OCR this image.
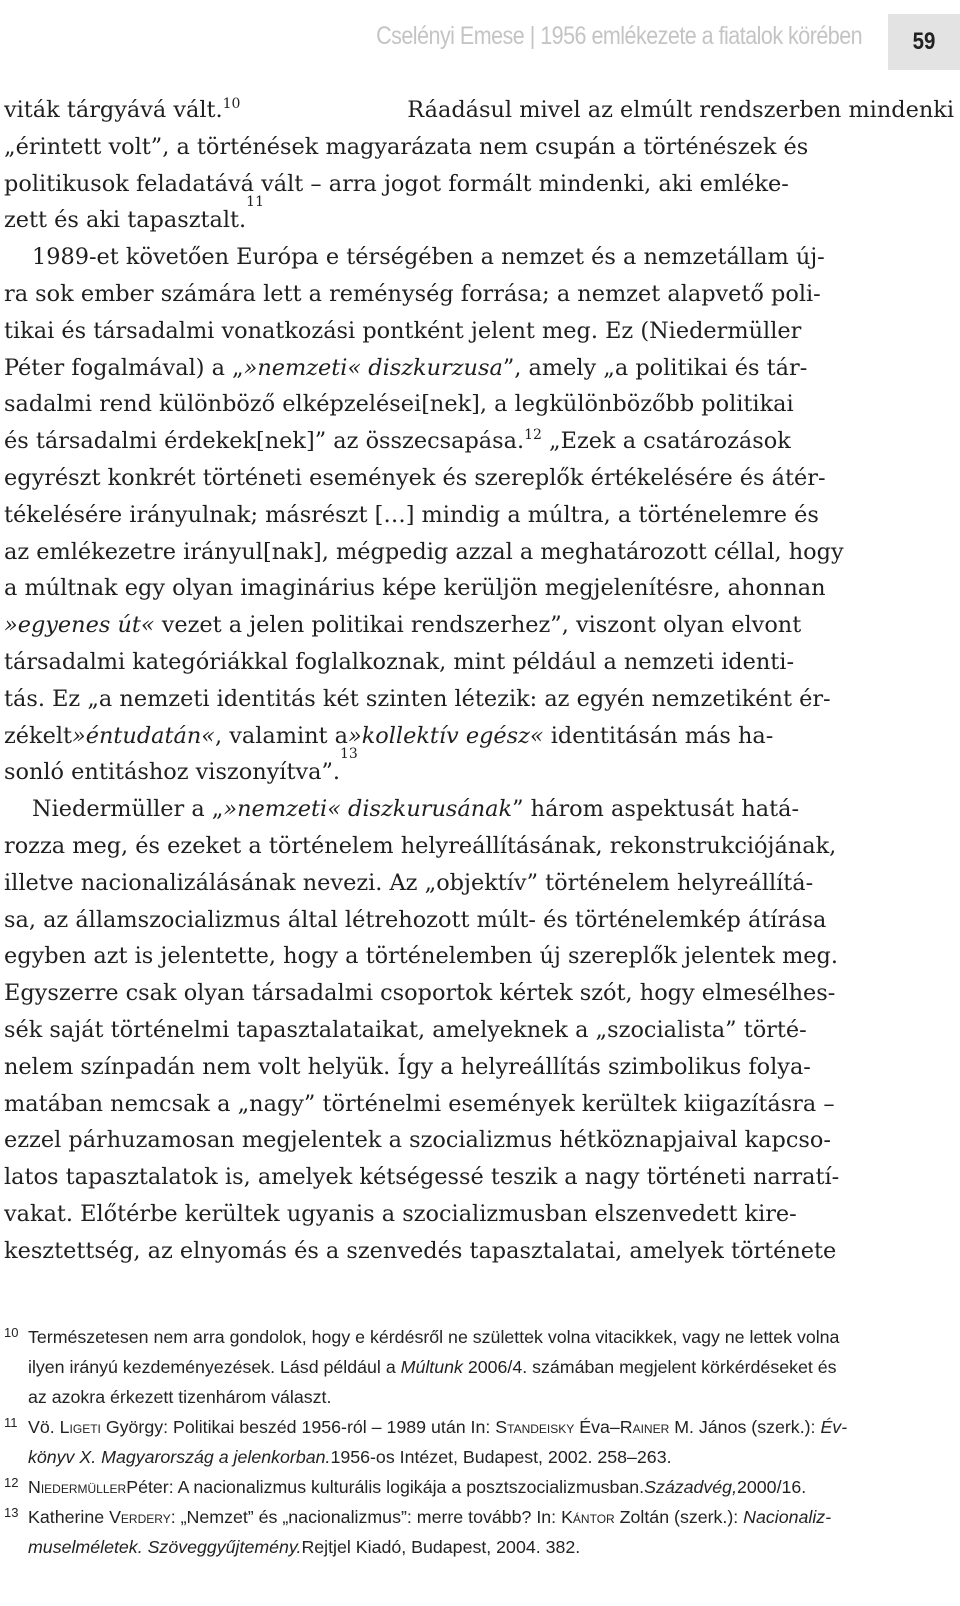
Cselényi Emese | 1956 emlékezete a fiatalok körében	59
viták tárgyává vált.$^{10}$	Ráadásul mivel az elmúlt rendszerben mindenki
„érintett volt”, a történések magyarázata nem csupán a történészek és
politikusok feladatává vált – arra jogot formált mindenki, aki emléke-
zett és aki tapasztalt.
11
1989-et követően Európa e térségében a nemzet és a nemzetállam új-
ra sok ember számára lett a reménység forrása; a nemzet alapvető poli-
tikai és társadalmi vonatkozási pontként jelent meg. Ez (Niedermüller
Péter fogalmával) a „»nemzeti« diszkurzusa”, amely „a politikai és tár-
sadalmi rend különböző elképzelései[nek], a legkülönbözőbb politikai
és társadalmi érdekek[nek]” az összecsapása.$^{12}$ „Ezek a csatározások
egyrészt konkrét történeti események és szereplők értékelésére és átér-
tékelésére irányulnak; másrészt […] mindig a múltra, a történelemre és
az emlékezetre irányul[nak], mégpedig azzal a meghatározott céllal, hogy
a múltnak egy olyan imaginárius képe kerüljön megjelenítésre, ahonnan
»egyenes út« vezet a jelen politikai rendszerhez”, viszont olyan elvont
társadalmi kategóriákkal foglalkoznak, mint például a nemzeti identi-
tás. Ez „a nemzeti identitás két szinten létezik: az egyén nemzetiként ér-
zékelt»éntudatán«, valamint a»kollektív egész« identitásán más ha-
sonló entitáshoz viszonyítva”.
13
Niedermüller a „»nemzeti« diszkurusának” három aspektusát hatá-
rozza meg, és ezeket a történelem helyreállításának, rekonstrukciójának,
illetve nacionalizálásának nevezi. Az „objektív” történelem helyreállítá-
sa, az államszocializmus által létrehozott múlt- és történelemkép átírása
egyben azt is jelentette, hogy a történelemben új szereplők jelentek meg.
Egyszerre csak olyan társadalmi csoportok kértek szót, hogy elmesélhes-
sék saját történelmi tapasztalataikat, amelyeknek a „szocialista” törté-
nelem színpadán nem volt helyük. Így a helyreállítás szimbolikus folya-
matában nemcsak a „nagy” történelmi események kerültek kiigazításra –
ezzel párhuzamosan megjelentek a szocializmus hétköznapjaival kapcso-
latos tapasztalatok is, amelyek kétségessé teszik a nagy történeti narratí-
vakat. Előtérbe kerültek ugyanis a szocializmusban elszenvedett kire-
kesztettség, az elnyomás és a szenvedés tapasztalatai, amelyek története
10 Természetesen nem arra gondolok, hogy e kérdésről ne születtek volna vitacikkek, vagy ne lettek volna
ilyen irányú kezdeményezések. Lásd például a Múltunk 2006/4. számában megjelent körkérdéseket és
az azokra érkezett tizenhárom választ.
11 Vö. Ligeti György: Politikai beszéd 1956-ról – 1989 után In: Standeisky Éva–Rainer M. János (szerk.): Év-
könyv X. Magyarország a jelenkorban. 1956-os Intézet, Budapest, 2002. 258–263.
12 Niedermüller Péter: A nacionalizmus kulturális logikája a posztszocializmusban. Századvég, 2000/16.
13 Katherine Verdery: „Nemzet” és „nacionalizmus”: merre tovább? In: Kántor Zoltán (szerk.): Nacionaliz-
muselméletek. Szöveggyűjtemény. Rejtjel Kiadó, Budapest, 2004. 382.
